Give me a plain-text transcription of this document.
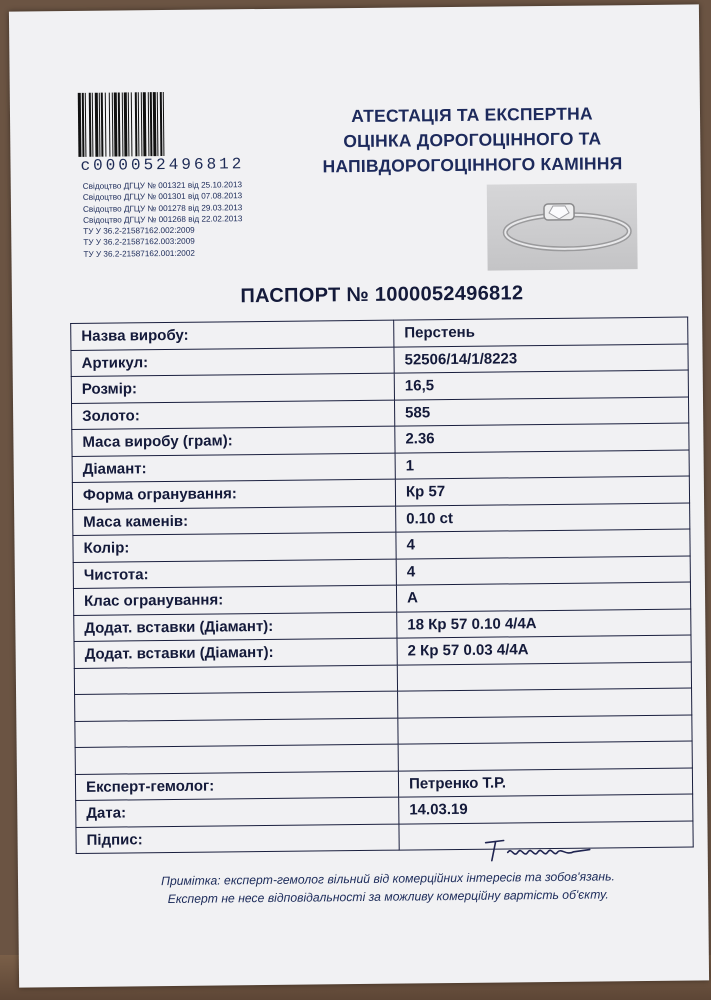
c000052496812
Свідоцтво ДГЦУ № 001321 від 25.10.2013
Свідоцтво ДГЦУ № 001301 від 07.08.2013
Свідоцтво ДГЦУ № 001278 від 29.03.2013
Свідоцтво ДГЦУ № 001268 від 22.02.2013
ТУ У 36.2-21587162.002:2009
ТУ У 36.2-21587162.003:2009
ТУ У 36.2-21587162.001:2002
АТЕСТАЦІЯ ТА ЕКСПЕРТНА
ОЦІНКА ДОРОГОЦІННОГО ТА
НАПІВДОРОГОЦІННОГО КАМІННЯ
ПАСПОРТ № 1000052496812
Назва виробу:	Перстень
Артикул:	52506/14/1/8223
Розмір:	16,5
Золото:	585
Маса виробу (грам):	2.36
Діамант:	1
Форма огранування:	Кр 57
Маса каменів:	0.10 ct
Колір:	4
Чистота:	4
Клас огранування:	А
Додат. вставки (Діамант):	18 Кр 57 0.10 4/4А
Додат. вставки (Діамант):	2 Кр 57 0.03 4/4А

Експерт-гемолог:	Петренко Т.Р.
Дата:	14.03.19
Підпис:	
Примітка: експерт-гемолог вільний від комерційних інтересів та зобов'язань.
Експерт не несе відповідальності за можливу комерційну вартість об'єкту.
